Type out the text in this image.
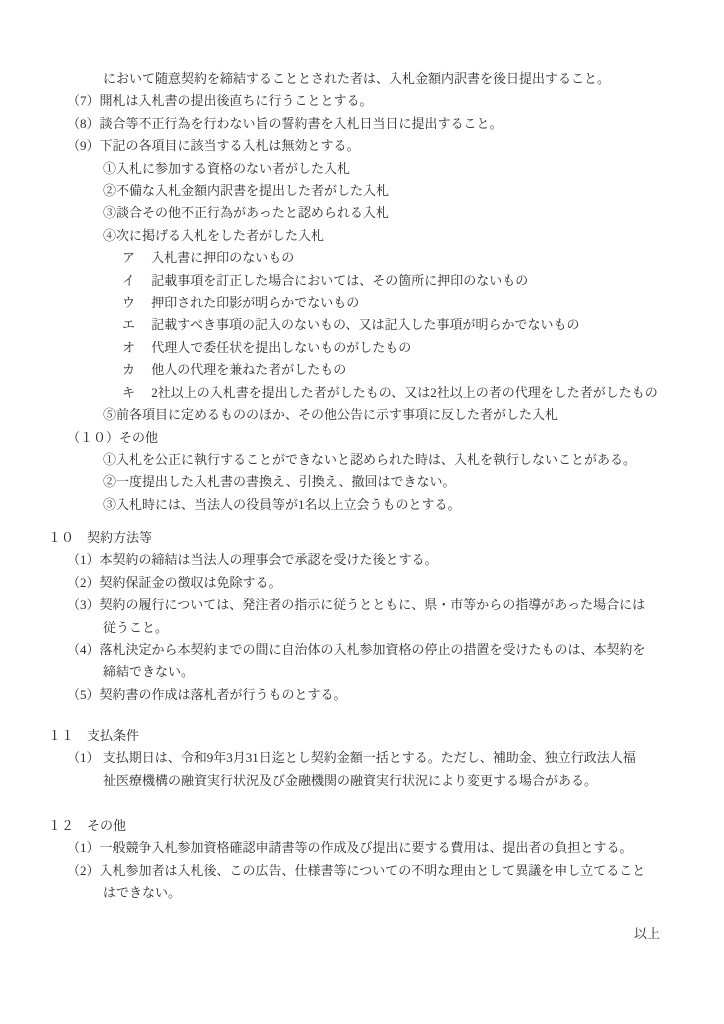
において随意契約を締結することとされた者は、入札金額内訳書を後日提出すること。
（7）開札は入札書の提出後直ちに行うこととする。
（8）談合等不正行為を行わない旨の誓約書を入札日当日に提出すること。
（9）下記の各項目に該当する入札は無効とする。
①入札に参加する資格のない者がした入札
②不備な入札金額内訳書を提出した者がした入札
③談合その他不正行為があったと認められる入札
④次に掲げる入札をした者がした入札
ア　 入札書に押印のないもの
イ　 記載事項を訂正した場合においては、その箇所に押印のないもの
ウ　 押印された印影が明らかでないもの
エ　 記載すべき事項の記入のないもの、又は記入した事項が明らかでないもの
オ　 代理人で委任状を提出しないものがしたもの
カ　 他人の代理を兼ねた者がしたもの
キ　 2社以上の入札書を提出した者がしたもの、又は2社以上の者の代理をした者がしたもの
⑤前各項目に定めるもののほか、その他公告に示す事項に反した者がした入札
（１０）その他
①入札を公正に執行することができないと認められた時は、入札を執行しないことがある。
②一度提出した入札書の書換え、引換え、撤回はできない。
③入札時には、当法人の役員等が1名以上立会うものとする。
１０　契約方法等
（1）本契約の締結は当法人の理事会で承認を受けた後とする。
（2）契約保証金の徴収は免除する。
（3）契約の履行については、発注者の指示に従うとともに、県・市等からの指導があった場合には
従うこと。
（4）落札決定から本契約までの間に自治体の入札参加資格の停止の措置を受けたものは、本契約を
締結できない。
（5）契約書の作成は落札者が行うものとする。
１１　支払条件
（1） 支払期日は、令和9年3月31日迄とし契約金額一括とする。ただし、補助金、独立行政法人福
祉医療機構の融資実行状況及び金融機関の融資実行状況により変更する場合がある。
１２　その他
（1）一般競争入札参加資格確認申請書等の作成及び提出に要する費用は、提出者の負担とする。
（2）入札参加者は入札後、この広告、仕様書等についての不明な理由として異議を申し立てること
はできない。
以上
